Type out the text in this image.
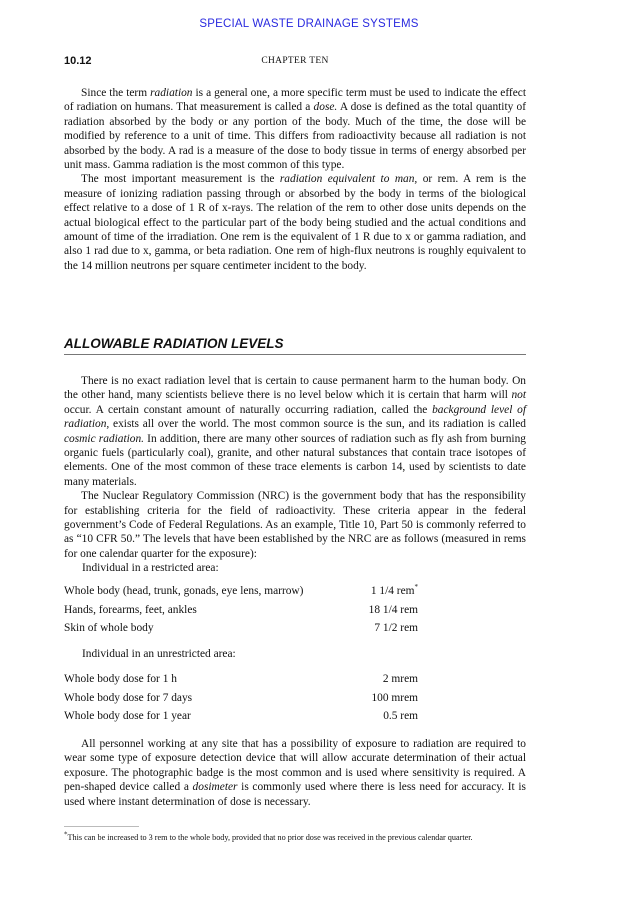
SPECIAL WASTE DRAINAGE SYSTEMS
10.12	CHAPTER TEN

Since the term radiation is a general one, a more specific term must be used to indicate the effect of radiation on humans. That measurement is called a dose. A dose is defined as the total quantity of radiation absorbed by the body or any portion of the body. Much of the time, the dose will be modified by reference to a unit of time. This differs from radioactivity because all radiation is not absorbed by the body. A rad is a measure of the dose to body tissue in terms of energy absorbed per unit mass. Gamma radiation is the most common of this type.

The most important measurement is the radiation equivalent to man, or rem. A rem is the measure of ionizing radiation passing through or absorbed by the body in terms of the biological effect relative to a dose of 1 R of x-rays. The relation of the rem to other dose units depends on the actual biological effect to the particular part of the body being studied and the actual conditions and amount of time of the irradiation. One rem is the equivalent of 1 R due to x or gamma radiation, and also 1 rad due to x, gamma, or beta radiation. One rem of high-flux neutrons is roughly equivalent to the 14 million neutrons per square centimeter incident to the body.

ALLOWABLE RADIATION LEVELS

There is no exact radiation level that is certain to cause permanent harm to the human body. On the other hand, many scientists believe there is no level below which it is certain that harm will not occur. A certain constant amount of naturally occurring radiation, called the background level of radiation, exists all over the world. The most common source is the sun, and its radiation is called cosmic radiation. In addition, there are many other sources of radiation such as fly ash from burning organic fuels (particularly coal), granite, and other natural substances that contain trace isotopes of elements. One of the most common of these trace elements is carbon 14, used by scientists to date many materials.

The Nuclear Regulatory Commission (NRC) is the government body that has the responsibility for establishing criteria for the field of radioactivity. These criteria appear in the federal government’s Code of Federal Regulations. As an example, Title 10, Part 50 is commonly referred to as “10 CFR 50.” The levels that have been established by the NRC are as follows (measured in rems for one calendar quarter for the exposure):

Individual in a restricted area:
Whole body (head, trunk, gonads, eye lens, marrow)	1 1/4 rem*
Hands, forearms, feet, ankles	18 1/4 rem
Skin of whole body	7 1/2 rem
Individual in an unrestricted area:
Whole body dose for 1 h	2 mrem
Whole body dose for 7 days	100 mrem
Whole body dose for 1 year	0.5 rem

All personnel working at any site that has a possibility of exposure to radiation are required to wear some type of exposure detection device that will allow accurate determination of their actual exposure. The photographic badge is the most common and is used where sensitivity is required. A pen-shaped device called a dosimeter is commonly used where there is less need for accuracy. It is used where instant determination of dose is necessary.

*This can be increased to 3 rem to the whole body, provided that no prior dose was received in the previous calendar quarter.
